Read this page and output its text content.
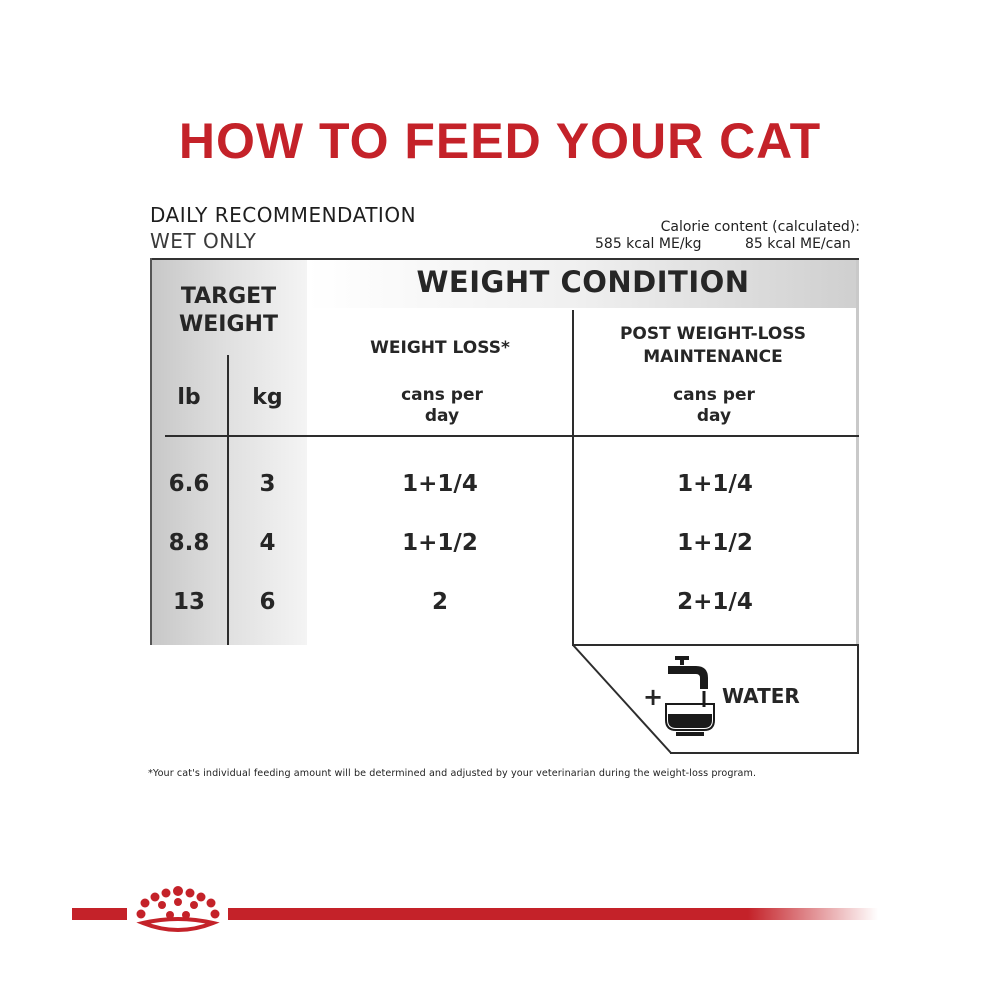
HOW TO FEED YOUR CAT
DAILY RECOMMENDATION
WET ONLY
Calorie content (calculated):
585 kcal ME/kg	85 kcal ME/can
WEIGHT CONDITION
TARGET WEIGHT
lb	kg
WEIGHT LOSS*
POST WEIGHT-LOSS MAINTENANCE
cans per day
cans per day
6.6	3	1+1/4	1+1/4
8.8	4	1+1/2	1+1/2
13	6	2	2+1/4
+	WATER
*Your cat's individual feeding amount will be determined and adjusted by your veterinarian during the weight-loss program.
